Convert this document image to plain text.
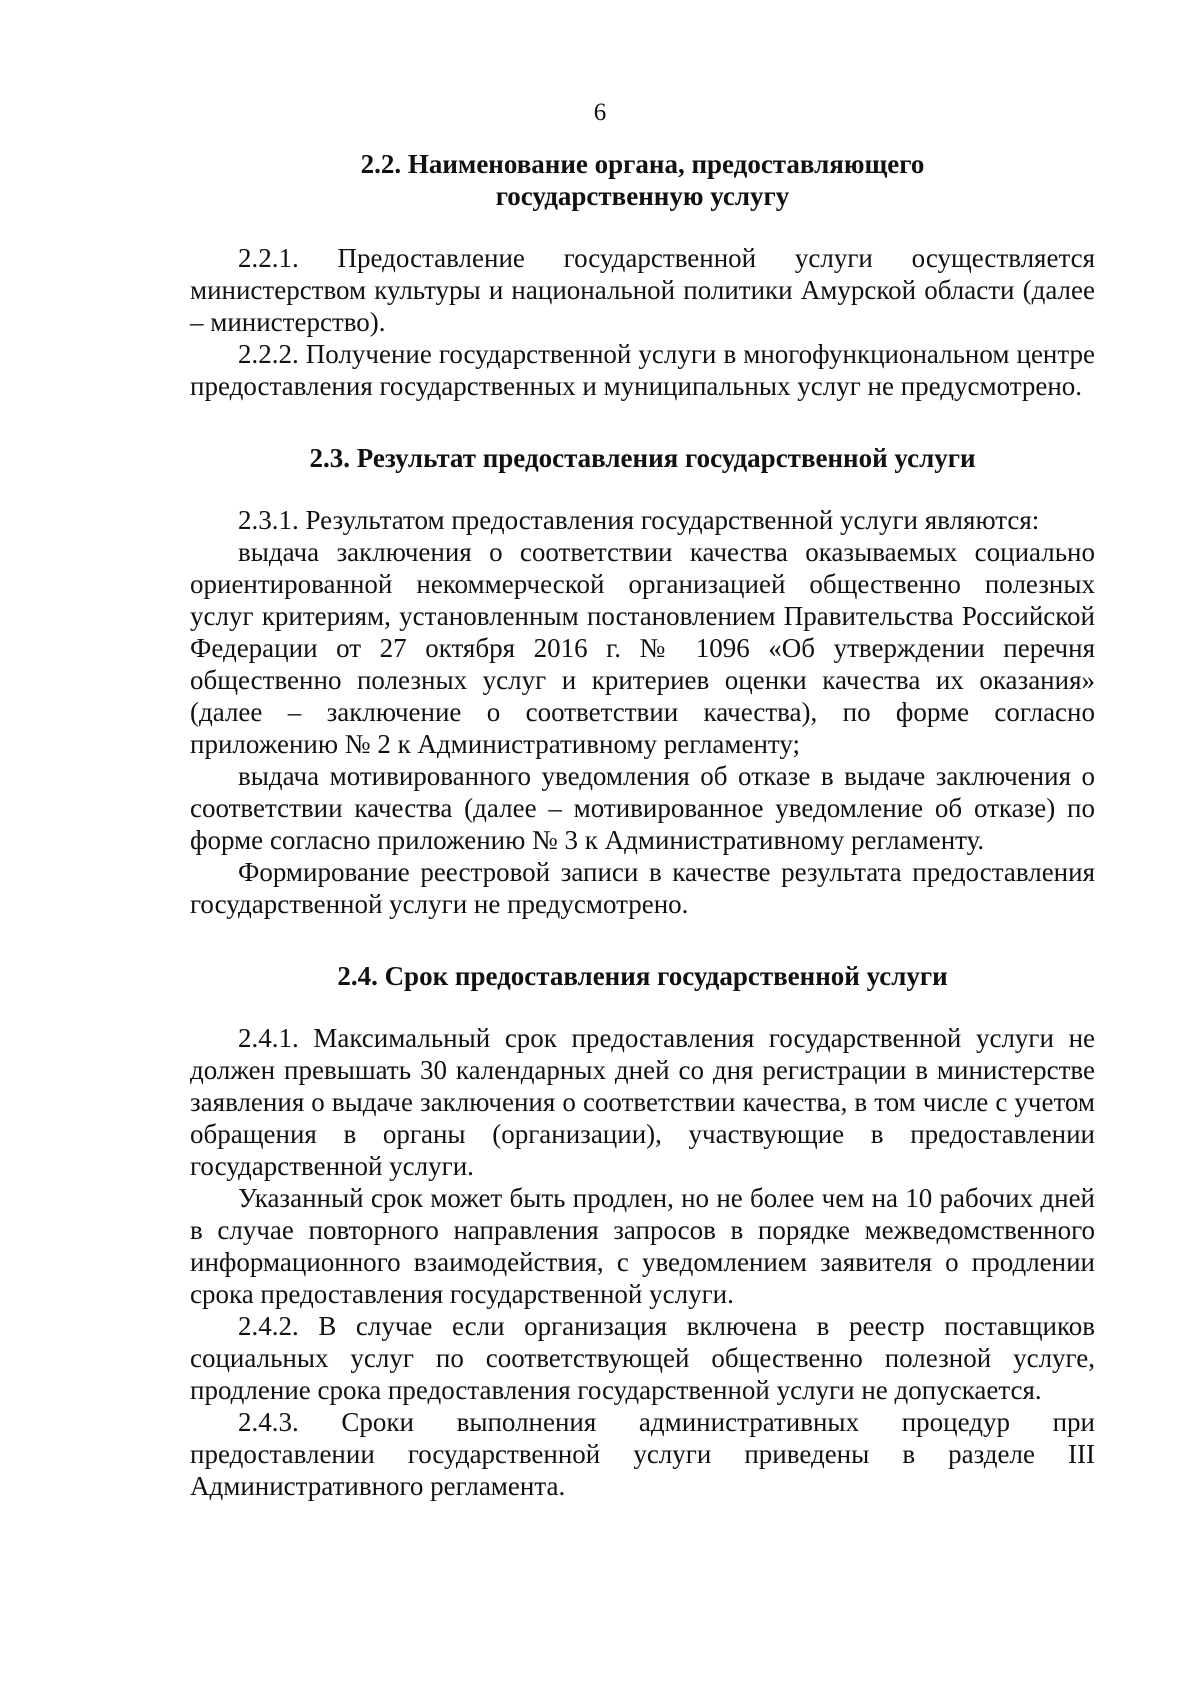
6

2.2. Наименование органа, предоставляющего

государственную услугу

2.2.1. Предоставление государственной услуги осуществляется министерством культуры и национальной политики Амурской области (далее – министерство).

2.2.2. Получение государственной услуги в многофункциональном центре предоставления государственных и муниципальных услуг не предусмотрено.

2.3. Результат предоставления государственной услуги

2.3.1. Результатом предоставления государственной услуги являются:

выдача заключения о соответствии качества оказываемых социально ориентированной некоммерческой организацией общественно полезных услуг критериям, установленным постановлением Правительства Российской Федерации от 27 октября 2016 г. № 1096 «Об утверждении перечня общественно полезных услуг и критериев оценки качества их оказания» (далее – заключение о соответствии качества), по форме согласно приложению № 2 к Административному регламенту;

выдача мотивированного уведомления об отказе в выдаче заключения о соответствии качества (далее – мотивированное уведомление об отказе) по форме согласно приложению № 3 к Административному регламенту.

Формирование реестровой записи в качестве результата предоставления государственной услуги не предусмотрено.

2.4. Срок предоставления государственной услуги

2.4.1. Максимальный срок предоставления государственной услуги не должен превышать 30 календарных дней со дня регистрации в министерстве заявления о выдаче заключения о соответствии качества, в том числе с учетом обращения в органы (организации), участвующие в предоставлении государственной услуги.

Указанный срок может быть продлен, но не более чем на 10 рабочих дней в случае повторного направления запросов в порядке межведомственного информационного взаимодействия, с уведомлением заявителя о продлении срока предоставления государственной услуги.

2.4.2. В случае если организация включена в реестр поставщиков социальных услуг по соответствующей общественно полезной услуге, продление срока предоставления государственной услуги не допускается.

2.4.3. Сроки выполнения административных процедур при предоставлении государственной услуги приведены в разделе III Административного регламента.
